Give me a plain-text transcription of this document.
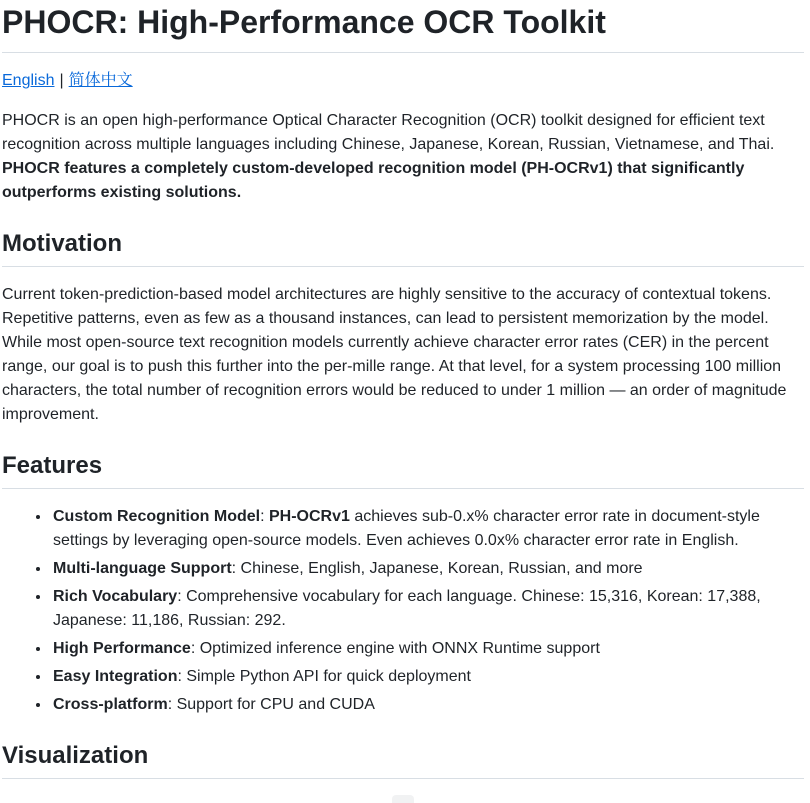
PHOCR: High-Performance OCR Toolkit

English | 简体中文

PHOCR is an open high-performance Optical Character Recognition (OCR) toolkit designed for efficient text recognition across multiple languages including Chinese, Japanese, Korean, Russian, Vietnamese, and Thai. PHOCR features a completely custom-developed recognition model (PH-OCRv1) that significantly outperforms existing solutions.

Motivation

Current token-prediction-based model architectures are highly sensitive to the accuracy of contextual tokens. Repetitive patterns, even as few as a thousand instances, can lead to persistent memorization by the model. While most open-source text recognition models currently achieve character error rates (CER) in the percent range, our goal is to push this further into the per-mille range. At that level, for a system processing 100 million characters, the total number of recognition errors would be reduced to under 1 million — an order of magnitude improvement.

Features
• Custom Recognition Model: PH-OCRv1 achieves sub-0.x% character error rate in document-style settings by leveraging open-source models. Even achieves 0.0x% character error rate in English.
• Multi-language Support: Chinese, English, Japanese, Korean, Russian, and more
• Rich Vocabulary: Comprehensive vocabulary for each language. Chinese: 15,316, Korean: 17,388, Japanese: 11,186, Russian: 292.
• High Performance: Optimized inference engine with ONNX Runtime support
• Easy Integration: Simple Python API for quick deployment
• Cross-platform: Support for CPU and CUDA
Visualization
